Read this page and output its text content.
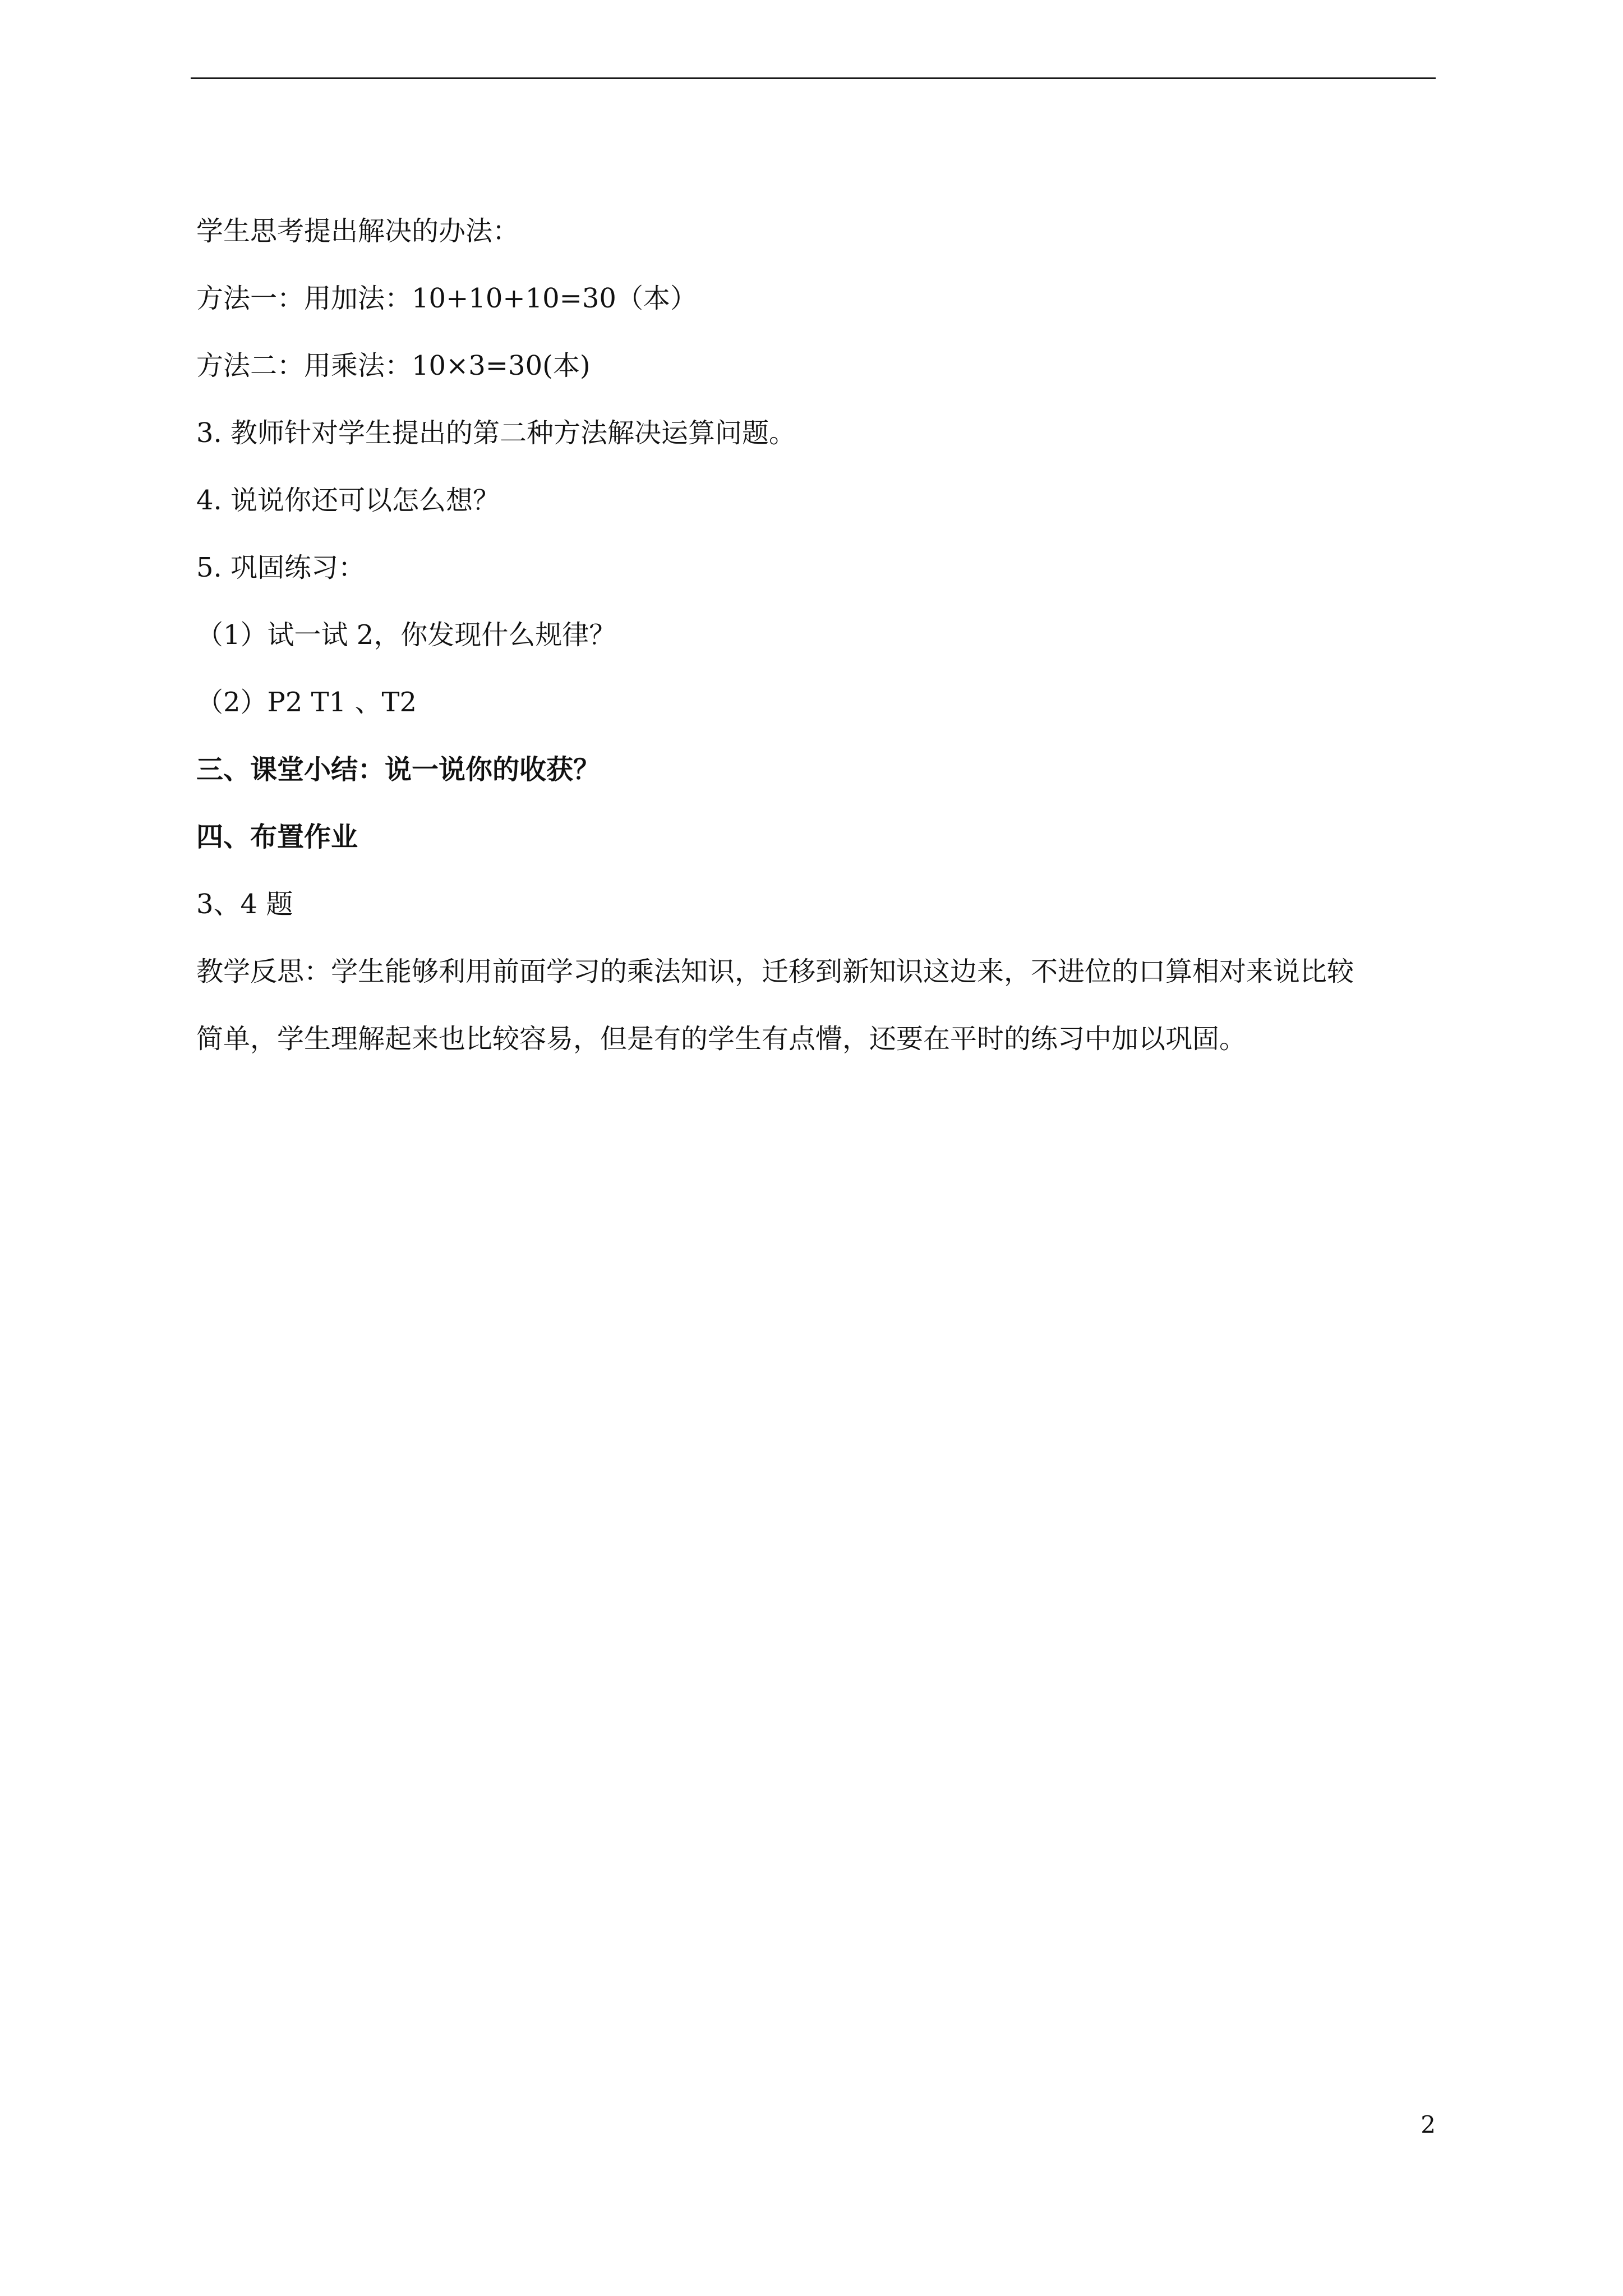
学生思考提出解决的办法：
方法一：用加法：10+10+10=30（本）
方法二：用乘法：10×3=30(本)
3. 教师针对学生提出的第二种方法解决运算问题。
4. 说说你还可以怎么想？
5. 巩固练习：
（1）试一试 2，你发现什么规律？
（2）P2 T1 、T2
三、课堂小结：说一说你的收获？
四、布置作业
3、4 题
教学反思：学生能够利用前面学习的乘法知识，迁移到新知识这边来，不进位的口算相对来说比较
简单，学生理解起来也比较容易，但是有的学生有点懵，还要在平时的练习中加以巩固。
2
